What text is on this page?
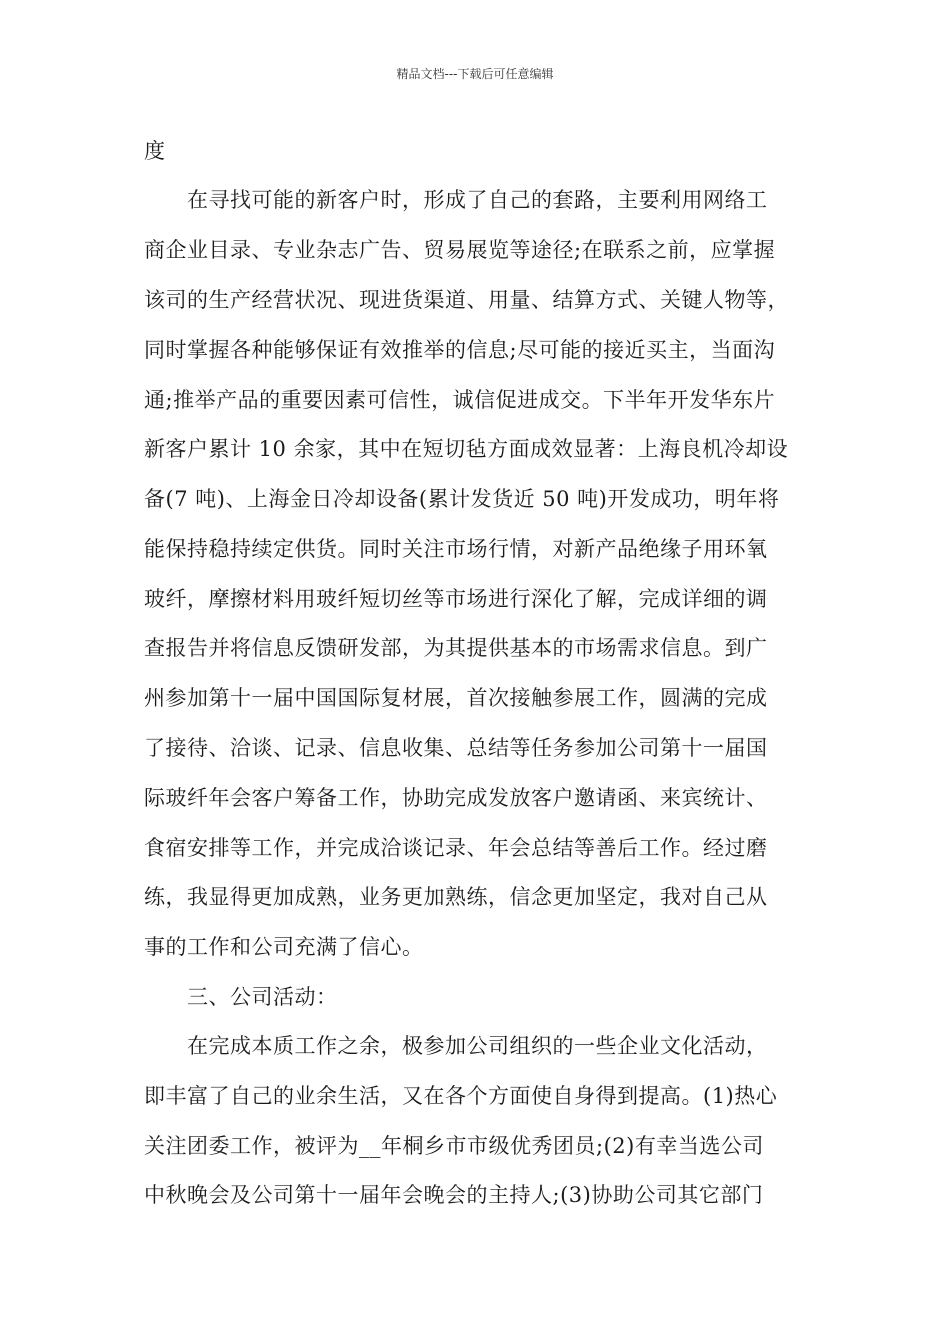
精品文档---下载后可任意编辑
度
在寻找可能的新客户时，形成了自己的套路，主要利用网络工
商企业目录、专业杂志广告、贸易展览等途径;在联系之前，应掌握
该司的生产经营状况、现进货渠道、用量、结算方式、关键人物等，
同时掌握各种能够保证有效推举的信息;尽可能的接近买主，当面沟
通;推举产品的重要因素可信性，诚信促进成交。下半年开发华东片
新客户累计 10 余家，其中在短切毡方面成效显著：上海良机冷却设
备(7 吨)、上海金日冷却设备(累计发货近 50 吨)开发成功，明年将
能保持稳持续定供货。同时关注市场行情，对新产品绝缘子用环氧
玻纤，摩擦材料用玻纤短切丝等市场进行深化了解，完成详细的调
查报告并将信息反馈研发部，为其提供基本的市场需求信息。到广
州参加第十一届中国国际复材展，首次接触参展工作，圆满的完成
了接待、洽谈、记录、信息收集、总结等任务参加公司第十一届国
际玻纤年会客户筹备工作，协助完成发放客户邀请函、来宾统计、
食宿安排等工作，并完成洽谈记录、年会总结等善后工作。经过磨
练，我显得更加成熟，业务更加熟练，信念更加坚定，我对自己从
事的工作和公司充满了信心。
三、公司活动：
在完成本质工作之余，极参加公司组织的一些企业文化活动，
即丰富了自己的业余生活，又在各个方面使自身得到提高。(1)热心
关注团委工作，被评为__年桐乡市市级优秀团员;(2)有幸当选公司
中秋晚会及公司第十一届年会晚会的主持人;(3)协助公司其它部门
